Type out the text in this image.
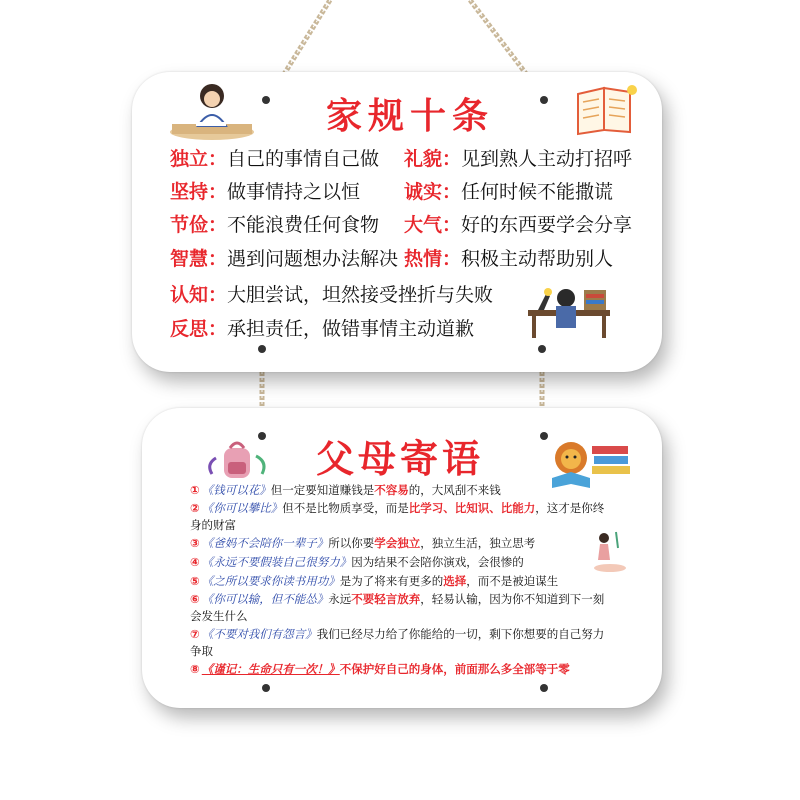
家规十条
独立：自己的事情自己做
坚持：做事情持之以恒
节俭：不能浪费任何食物
智慧：遇到问题想办法解决
认知：大胆尝试，坦然接受挫折与失败
反思：承担责任，做错事情主动道歉
礼貌：见到熟人主动打招呼
诚实：任何时候不能撒谎
大气：好的东西要学会分享
热情：积极主动帮助别人
父母寄语
① 《钱可以花》但一定要知道赚钱是不容易的，大风刮不来钱
② 《你可以攀比》但不是比物质享受，而是比学习、比知识、比能力，这才是你终身的财富
③ 《爸妈不会陪你一辈子》所以你要学会独立，独立生活，独立思考
④ 《永远不要假装自己很努力》因为结果不会陪你演戏，会很惨的
⑤ 《之所以要求你读书用功》是为了将来有更多的选择，而不是被迫谋生
⑥ 《你可以输，但不能怂》永远不要轻言放弃，轻易认输，因为你不知道到下一刻会发生什么
⑦ 《不要对我们有怨言》我们已经尽力给了你能给的一切，剩下你想要的自己努力争取
⑧ 《谨记：生命只有一次！》不保护好自己的身体，前面那么多全部等于零
